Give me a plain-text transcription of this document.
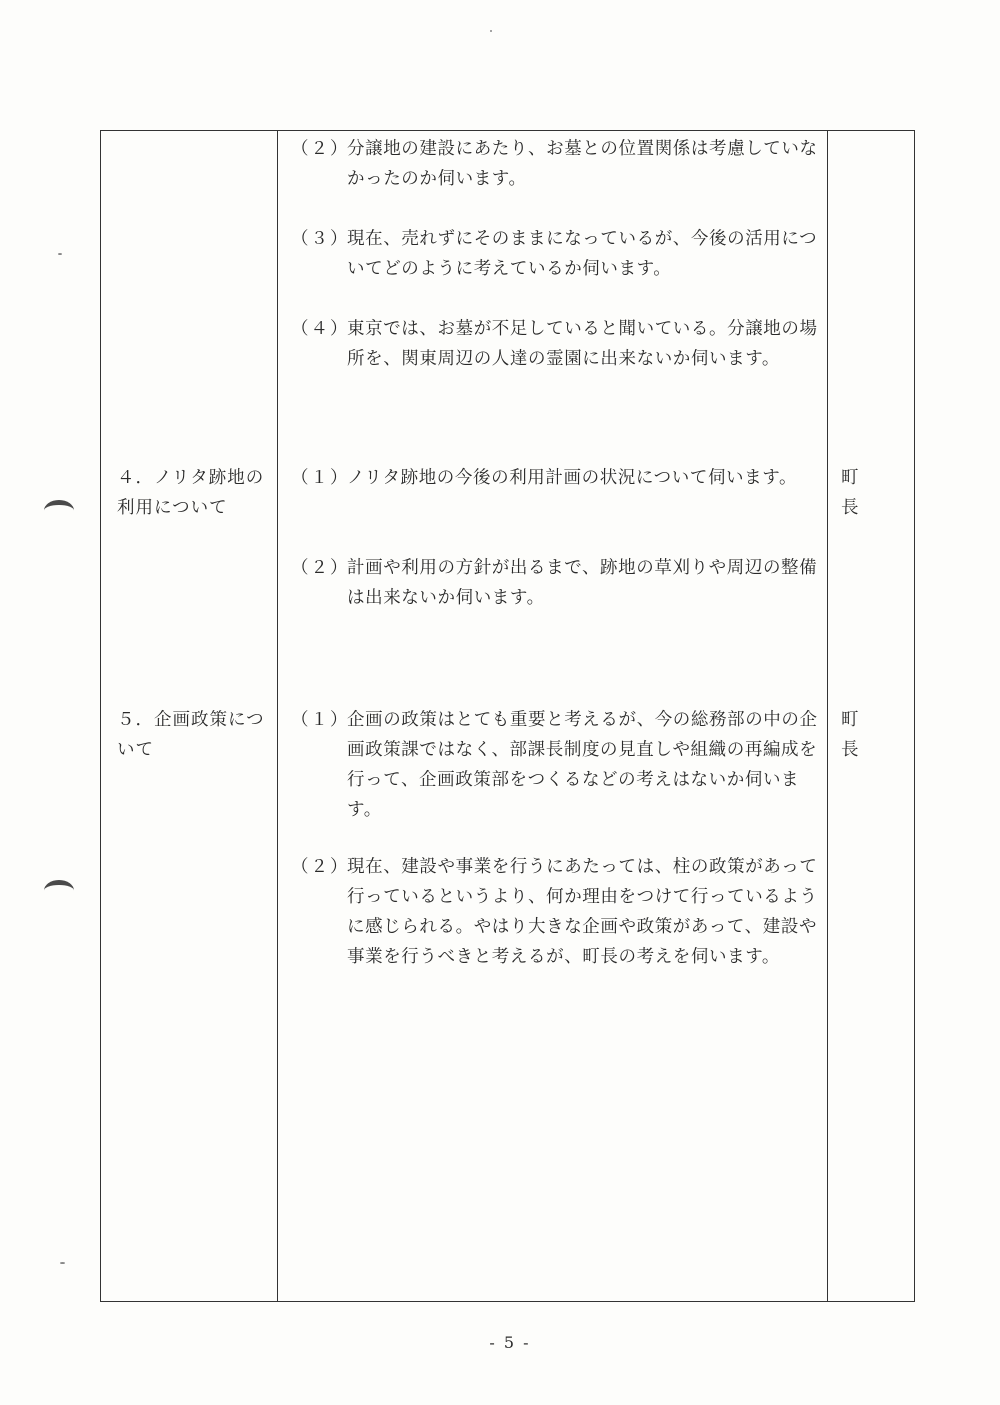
（２）
分譲地の建設にあたり、お墓との位置関係は考慮していなかったのか伺います。
（３）
現在、売れずにそのままになっているが、今後の活用についてどのように考えているか伺います。
（４）
東京では、お墓が不足していると聞いている。分譲地の場所を、関東周辺の人達の霊園に出来ないか伺います。
４．ノリタ跡地の利用について
（１）
ノリタ跡地の今後の利用計画の状況について伺います。
（２）
計画や利用の方針が出るまで、跡地の草刈りや周辺の整備は出来ないか伺います。
町長
５．企画政策について
（１）
企画の政策はとても重要と考えるが、今の総務部の中の企画政策課ではなく、部課長制度の見直しや組織の再編成を行って、企画政策部をつくるなどの考えはないか伺います。
（２）
現在、建設や事業を行うにあたっては、柱の政策があって行っているというより、何か理由をつけて行っているように感じられる。やはり大きな企画や政策があって、建設や事業を行うべきと考えるが、町長の考えを伺います。
町長
- 5 -
